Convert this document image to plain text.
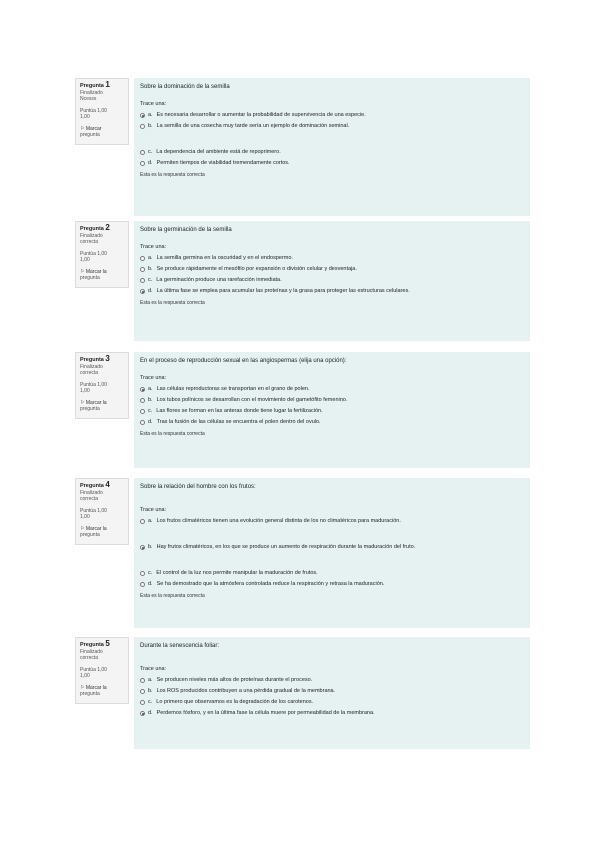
Pregunta 1
Finalizado
Ncesss
Puntúa 1,00
1,00
⚐ Marcar
pregunta
Sobre la dominación de la semilla
Trace una:
a. Es necesaria desarrollar o aumentar la probabilidad de supervivencia de una especie.
b. La semilla de una cosecha muy tarde sería un ejemplo de dominación seminal.
c. La dependencia del ambiente está de repoprimero.
d. Permiten tiempos de viabilidad tremendamente cortos.
Esta es la respuesta correcta
Pregunta 2
Finalizado
correcta
Puntúa 1,00
1,00
⚐ Marcar la
pregunta
Sobre la germinación de la semilla
Trace una:
a. La semilla germina en la oscuridad y en el endospermo.
b. Se produce rápidamente el mesófilo por expansión o división celular y desventaja.
c. La germinación produce una rarefacción inmediata.
d. La última fase se emplea para acumular las proteínas y la grasa para proteger las estructuras celulares.
Esta es la respuesta correcta
Pregunta 3
Finalizado
correcta
Puntúa 1,00
1,00
⚐ Marcar la
pregunta
En el proceso de reproducción sexual en las angiospermas (elija una opción):
Trace una:
a. Las células reproductoras se transportan en el grano de polen.
b. Los tubos polínicos se desarrollan con el movimiento del gametófito femenino.
c. Las flores se forman en las anteras donde tiene lugar la fertilización.
d. Tras la fusión de las células se encuentra el polen dentro del ovulo.
Esta es la respuesta correcta
Pregunta 4
Finalizado
correcta
Puntúa 1,00
1,00
⚐ Marcar la
pregunta
Sobre la relación del hombre con los frutos:
Trace una:
a. Los frutos climatéricos tienen una evolución general distinta de los no climatéricos para maduración.
b. Hay frutos climatéricos, en los que se produce un aumento de respiración durante la maduración del fruto.
c. El control de la luz nos permite manipular la maduración de frutos.
d. Se ha demostrado que la atmósfera controlada reduce la respiración y retrasa la maduración.
Esta es la respuesta correcta
Pregunta 5
Finalizado
correcta
Puntúa 1,00
1,00
⚐ Marcar la
pregunta
Durante la senescencia foliar:
Trace una:
a. Se producen niveles más altos de proteínas durante el proceso.
b. Los ROS producidos contribuyen a una pérdida gradual de la membrana.
c. Lo primero que observamos es la degradación de los carotenos.
d. Perdemos fósforo, y en la última fase la célula muere por permeabilidad de la membrana.
